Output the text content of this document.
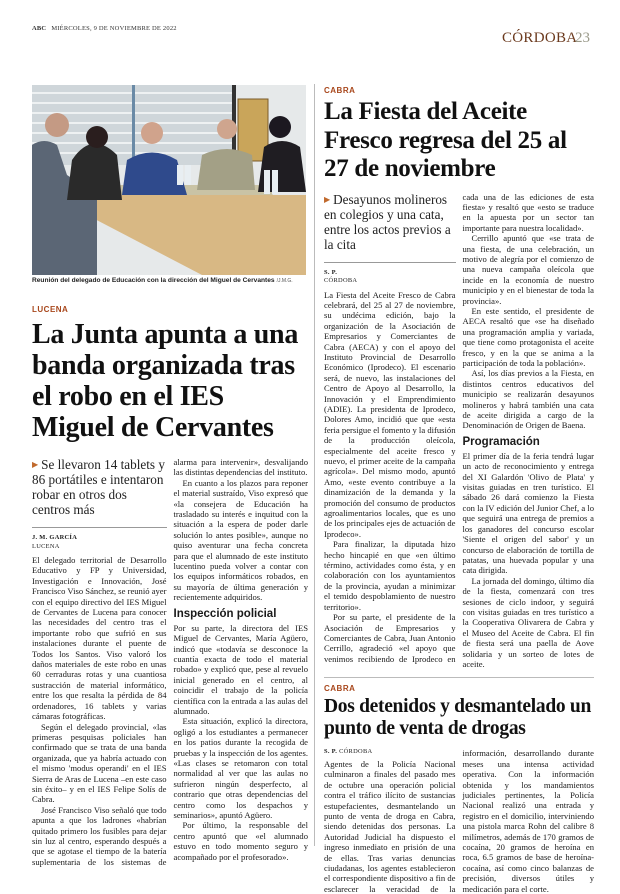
ABC MIÉRCOLES, 9 DE NOVIEMBRE DE 2022
CÓRDOBA
23
Reunión del delegado de Educación con la dirección del Miguel de Cervantes /J.M.G.
LUCENA
La Junta apunta a una banda organizada tras el robo en el IES Miguel de Cervantes
▶ Se llevaron 14 tablets y 86 portátiles e intentaron robar en otros dos centros más
J. M. GARCÍA
LUCENA

El delegado territorial de Desarrollo Educativo y FP y Universidad, Investigación e Innovación, José Francisco Viso Sánchez, se reunió ayer con el equipo directivo del IES Miguel de Cervantes de Lucena para conocer las necesidades del centro tras el importante robo que sufrió en sus instalaciones durante el puente de Todos los Santos. Viso valoró los daños materiales de este robo en unas 60 cerraduras rotas y una cuantiosa sustracción de material informático, entre los que resalta la pérdida de 84 ordenadores, 16 tablets y varias cámaras fotográficas.

Según el delegado provincial, «las primeras pesquisas policiales han confirmado que se trata de una banda organizada, que ya habría actuado con el mismo 'modus operandi' en el IES Sierra de Aras de Lucena –en este caso sin éxito– y en el IES Felipe Solís de Cabra.

José Francisco Viso señaló que todo apunta a que los ladrones «habrían quitado primero los fusibles para dejar sin luz al centro, esperando después a que se agotase el tiempo de la batería suplementaria de los sistemas de alarma para intervenir», desvalijando las distintas dependencias del instituto.

En cuanto a los plazos para reponer el material sustraído, Viso expresó que «la consejera de Educación ha trasladado su interés e inquitud con la situación a la espera de poder darle solución lo antes posible», aunque no quiso aventurar una fecha concreta para que el alumnado de este instituto lucentino pueda volver a contar con los equipos informáticos robados, en su mayoría de última generación y recientemente adquiridos.

Inspección policial

Por su parte, la directora del IES Miguel de Cervantes, María Agüero, indicó que «todavía se desconoce la cuantía exacta de todo el material robado» y explicó que, pese al revuelo inicial generado en el centro, al coincidir el trabajo de la policía científica con la entrada a las aulas del alumnado.

Esta situación, explicó la directora, ogligó a los estudiantes a permanecer en los patios durante la recogida de pruebas y la inspección de los agentes. «Las clases se retomaron con total normalidad al ver que las aulas no sufrieron ningún desperfecto, al contrario que otras dependencias del centro como los despachos y seminarios», apuntó Agüero.

Por último, la responsable del centro apuntó que «el alumnado estuvo en todo momento seguro y acompañado por el profesorado».

CABRA
La Fiesta del Aceite Fresco regresa del 25 al 27 de noviembre
▶ Desayunos molineros en colegios y una cata, entre los actos previos a la cita
S. P.
CÓRDOBA

La Fiesta del Aceite Fresco de Cabra celebrará, del 25 al 27 de noviembre, su undécima edición, bajo la organización de la Asociación de Empresarios y Comerciantes de Cabra (AECA) y con el apoyo del Instituto Provincial de Desarrollo Económico (Iprodeco). El escenario será, de nuevo, las instalaciones del Centro de Apoyo al Desarrollo, la Innovación y el Emprendimiento (ADIE). La presidenta de Iprodeco, Dolores Amo, incidió que que «esta feria persigue el fomento y la difusión de la producción oleícola, especialmente del aceite fresco y nuevo, el primer aceite de la campaña agrícola». Del mismo modo, apuntó Amo, «este evento contribuye a la dinamización de la demanda y la promoción del consumo de productos agroalimentarios locales, que es uno de los principales ejes de actuación de Iprodeco».

Para finalizar, la diputada hizo hecho hincapié en que «en último término, actividades como ésta, y en colaboración con los ayuntamientos de la provincia, ayudan a minimizar el temido despoblamiento de nuestro territorio».

Por su parte, el presidente de la Asociación de Empresarios y Comerciantes de Cabra, Juan Antonio Cerrillo, agradeció «el apoyo que venimos recibiendo de Iprodeco en cada una de las ediciones de esta fiesta» y resaltó que «esto se traduce en la apuesta por un sector tan importante para nuestra localidad».

Cerrillo apuntó que «se trata de una fiesta, de una celebración, un motivo de alegría por el comienzo de una nueva campaña oleícola que incide en la economía de nuestro municipio y en el bienestar de toda la provincia».

En este sentido, el presidente de AECA resaltó que «se ha diseñado una programación amplia y variada, que tiene como protagonista el aceite fresco, y en la que se anima a la participación de toda la población».

Así, los días previos a la Fiesta, en distintos centros educativos del municipio se realizarán desayunos molineros y habrá también una cata de aceite dirigida a cargo de la Denominación de Origen de Baena.

Programación

El primer día de la feria tendrá lugar un acto de reconocimiento y entrega del XI Galardón 'Olivo de Plata' y visitas guiadas en tren turístico. El sábado 26 dará comienzo la Fiesta con la IV edición del Junior Chef, a lo que seguirá una entrega de premios a los ganadores del concurso escolar 'Siente el origen del sabor' y un concurso de elaboración de tortilla de patatas, una huevada popular y una cata dirigida.

La jornada del domingo, último día de la fiesta, comenzará con tres sesiones de ciclo indoor, y seguirá con visitas guiadas en tres turístico a la Cooperativa Olivarera de Cabra y el Museo del Aceite de Cabra. El fin de fiesta será una paella de Aove solidaria y un sorteo de lotes de aceite.

CABRA
Dos detenidos y desmantelado un punto de venta de drogas
S. P. CÓRDOBA

Agentes de la Policía Nacional culminaron a finales del pasado mes de octubre una operación policial contra el tráfico ilícito de sustancias estupefacientes, desmantelando un punto de venta de droga en Cabra, siendo detenidas dos personas. La Autoridad Judicial ha dispuesto el ingreso inmediato en prisión de una de ellas. Tras varias denuncias ciudadanas, los agentes establecieron el correspondiente dispositivo a fin de esclarecer la veracidad de la información, desarrollando durante meses una intensa actividad operativa. Con la información obtenida y los mandamientos judiciales pertinentes, la Policía Nacional realizó una entrada y registro en el domicilio, interviniendo una pistola marca Rohn del calibre 8 milímetros, además de 170 gramos de cocaína, 20 gramos de heroína en roca, 6.5 gramos de base de heroína-cocaína, así como cinco balanzas de precisión, diversos útiles y medicación para el corte.
